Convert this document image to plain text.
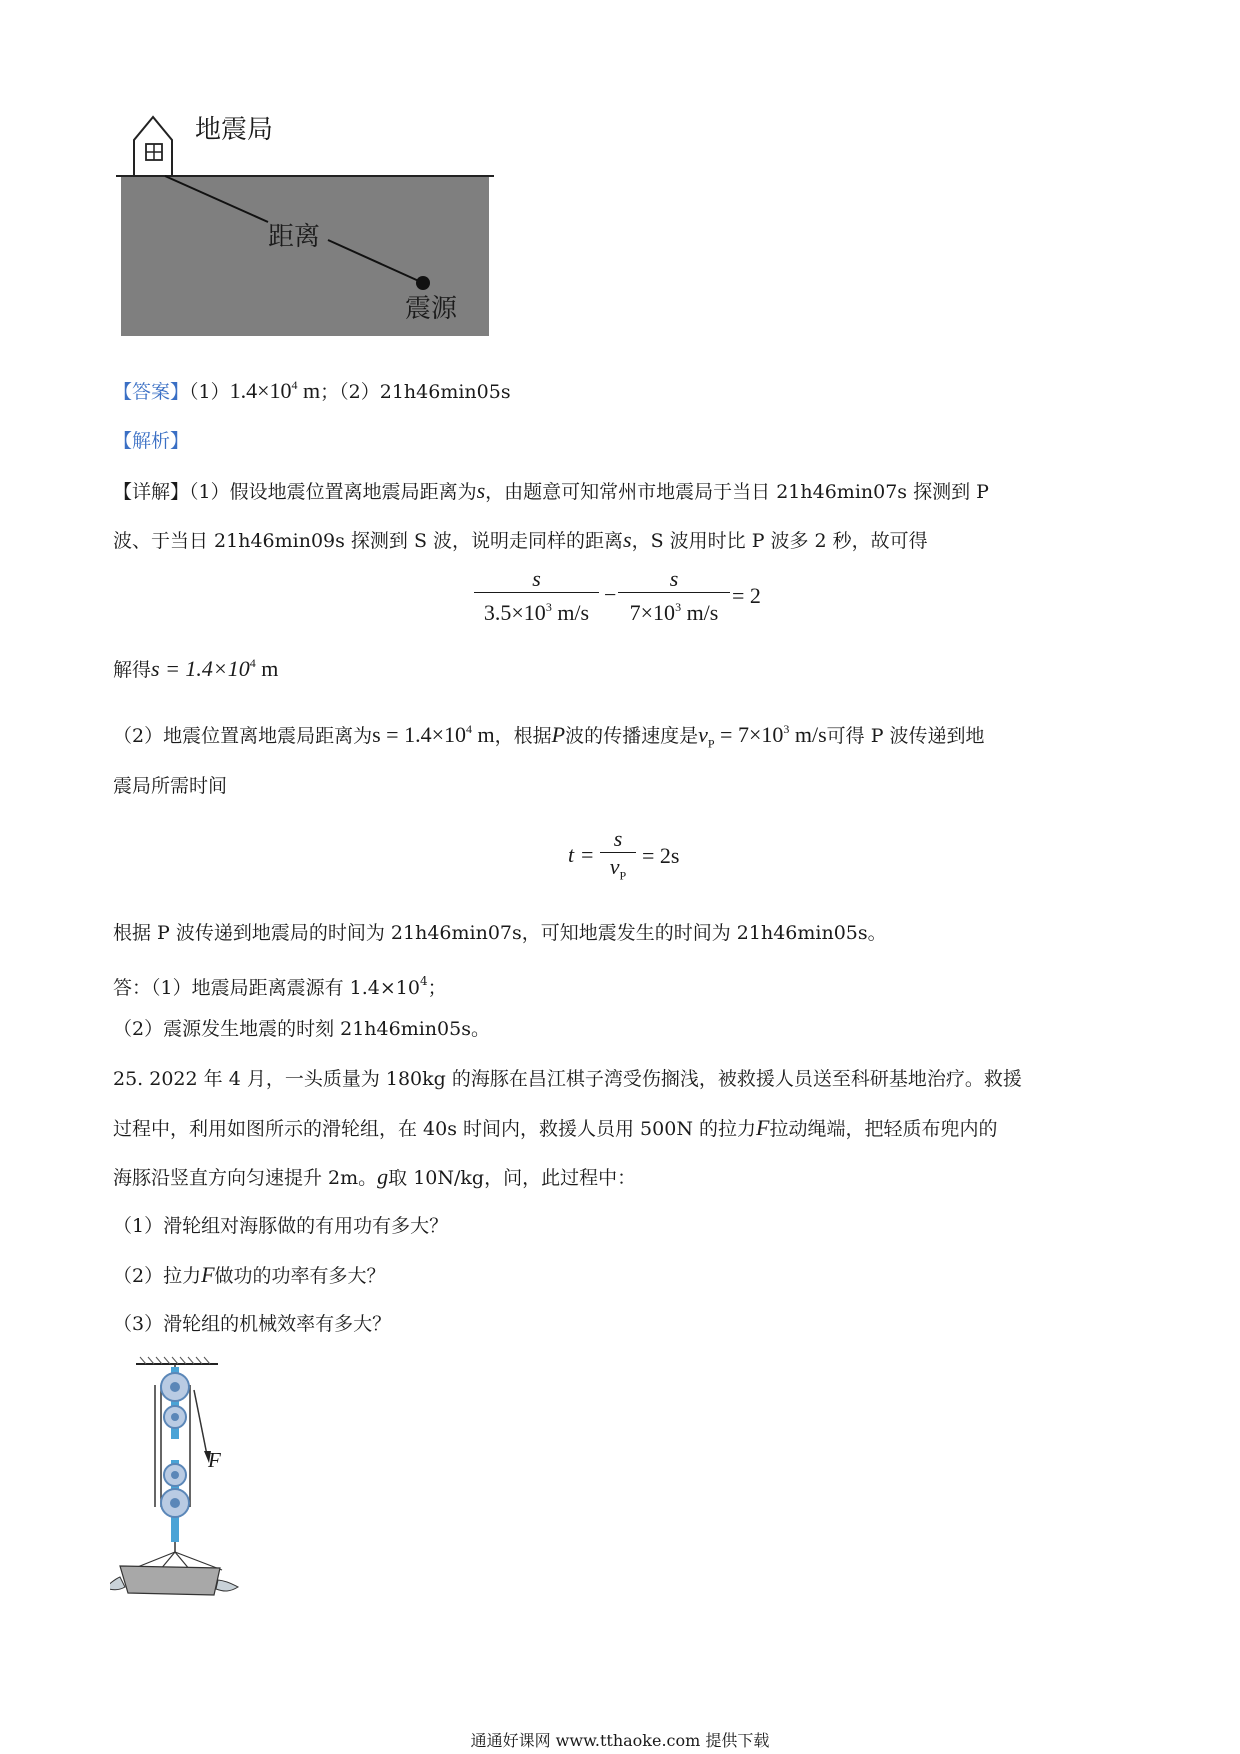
地震局
距离
震源
【答案】$(1)1.4\times 10^4$ m；（2）21h46min05s
【解析】
【详解】（1）假设地震位置离地震局距离为s，由题意可知常州市地震局于当日 21h46min07s 探测到 P
波、于当日 21h46min09s 探测到 S 波，说明走同样的距离s，S 波用时比 P 波多 2 秒，故可得
s
$3.5\times 10^3$ m/s
−
s
$7\times 10^3$ m/s
= 2
解得$s = 1.4\times 10^4$ m
（2）地震位置离地震局距离为$s = 1.4\times 10^4$ m，根据P波的传播速度是$v_P = 7\times 10^3$ m/s可得 P 波传递到地
震局所需时间
t =
s
$v_P$
= 2s
根据 P 波传递到地震局的时间为 21h46min07s，可知地震发生的时间为 21h46min05s。
答：（1）地震局距离震源有 $1.4\times 10^4$；
（2）震源发生地震的时刻 21h46min05s。
25. 2022 年 4 月，一头质量为 180kg 的海豚在昌江棋子湾受伤搁浅，被救援人员送至科研基地治疗。救援
过程中，利用如图所示的滑轮组，在 40s 时间内，救援人员用 500N 的拉力F拉动绳端，把轻质布兜内的
海豚沿竖直方向匀速提升 2m。g取 10N/kg，问，此过程中：
（1）滑轮组对海豚做的有用功有多大？
（2）拉力F做功的功率有多大？
（3）滑轮组的机械效率有多大？
F
通通好课网 www.tthaoke.com 提供下载
